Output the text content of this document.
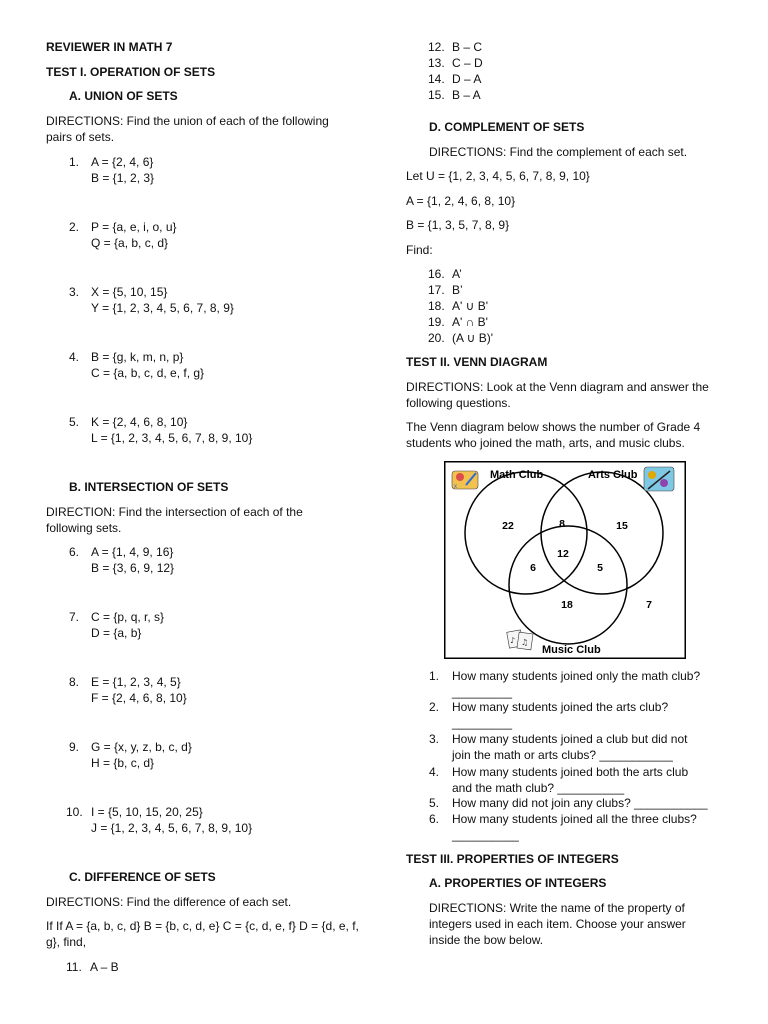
REVIEWER IN MATH 7
TEST I. OPERATION OF SETS
A. UNION OF SETS
DIRECTIONS: Find the union of each of the following pairs of sets.
1. A = {2, 4, 6}
B = {1, 2, 3}
2. P = {a, e, i, o, u}
Q = {a, b, c, d}
3. X = {5, 10, 15}
Y = {1, 2, 3, 4, 5, 6, 7, 8, 9}
4. B = {g, k, m, n, p}
C = {a, b, c, d, e, f, g}
5. K = {2, 4, 6, 8, 10}
L = {1, 2, 3, 4, 5, 6, 7, 8, 9, 10}
B. INTERSECTION OF SETS
DIRECTION: Find the intersection of each of the following sets.
6. A = {1, 4, 9, 16}
B = {3, 6, 9, 12}
7. C = {p, q, r, s}
D = {a, b}
8. E = {1, 2, 3, 4, 5}
F = {2, 4, 6, 8, 10}
9. G = {x, y, z, b, c, d}
H = {b, c, d}
10. I = {5, 10, 15, 20, 25}
J = {1, 2, 3, 4, 5, 6, 7, 8, 9, 10}
C. DIFFERENCE OF SETS
DIRECTIONS: Find the difference of each set.
If If A = {a, b, c, d} B = {b, c, d, e} C = {c, d, e, f} D = {d, e, f, g}, find,
11. A – B
12. B – C
13. C – D
14. D – A
15. B – A
D. COMPLEMENT OF SETS
DIRECTIONS: Find the complement of each set.
Let U = {1, 2, 3, 4, 5, 6, 7, 8, 9, 10}
A = {1, 2, 4, 6, 8, 10}
B = {1, 3, 5, 7, 8, 9}
Find:
16. A’
17. B’
18. A' ∪ B'
19. A' ∩ B'
20. (A ∪ B)'
TEST II. VENN DIAGRAM
DIRECTIONS: Look at the Venn diagram and answer the following questions.
The Venn diagram below shows the number of Grade 4 students who joined the math, arts, and music clubs.
x
Math Club	Arts Club
♪ ♫
Music Club
22	8	15
12
6	5
18	7
1. How many students joined only the math club?
_________
2. How many students joined the arts club?
_________
3. How many students joined a club but did not
join the math or arts clubs? ___________
4. How many students joined both the arts club
and the math club? __________
5. How many did not join any clubs? ___________
6. How many students joined all the three clubs?
__________
TEST III. PROPERTIES OF INTEGERS
A. PROPERTIES OF INTEGERS
DIRECTIONS: Write the name of the property of integers used in each item. Choose your answer inside the bow below.
